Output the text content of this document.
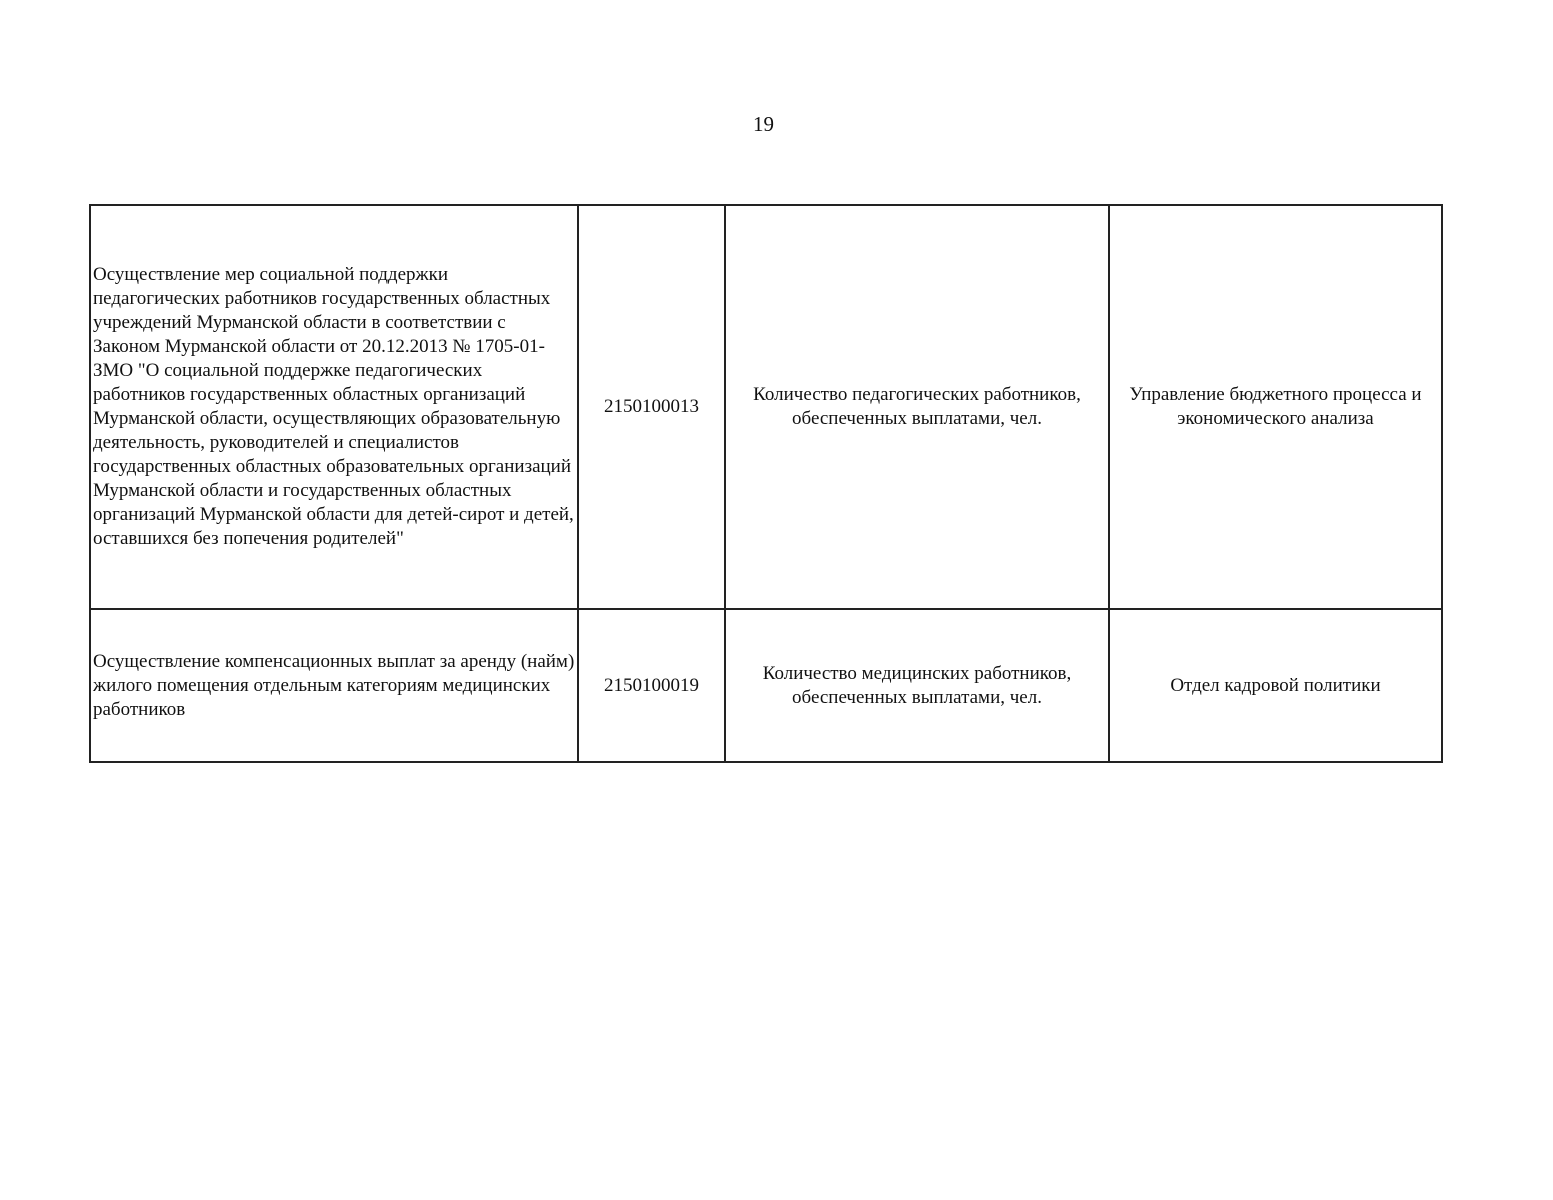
19
Осуществление мер социальной поддержки педагогических работников государственных областных учреждений Мурманской области в соответствии с Законом Мурманской области от 20.12.2013 № 1705-01-ЗМО "О социальной поддержке педагогических работников государственных областных организаций Мурманской области, осуществляющих образовательную деятельность, руководителей и специалистов государственных областных образовательных организаций Мурманской области и государственных областных организаций Мурманской области для детей-сирот и детей, оставшихся без попечения родителей"	2150100013	Количество педагогических работников, обеспеченных выплатами, чел.	Управление бюджетного процесса и экономического анализа
Осуществление компенсационных выплат за аренду (найм) жилого помещения отдельным категориям медицинских работников	2150100019	Количество медицинских работников, обеспеченных выплатами, чел.	Отдел кадровой политики
